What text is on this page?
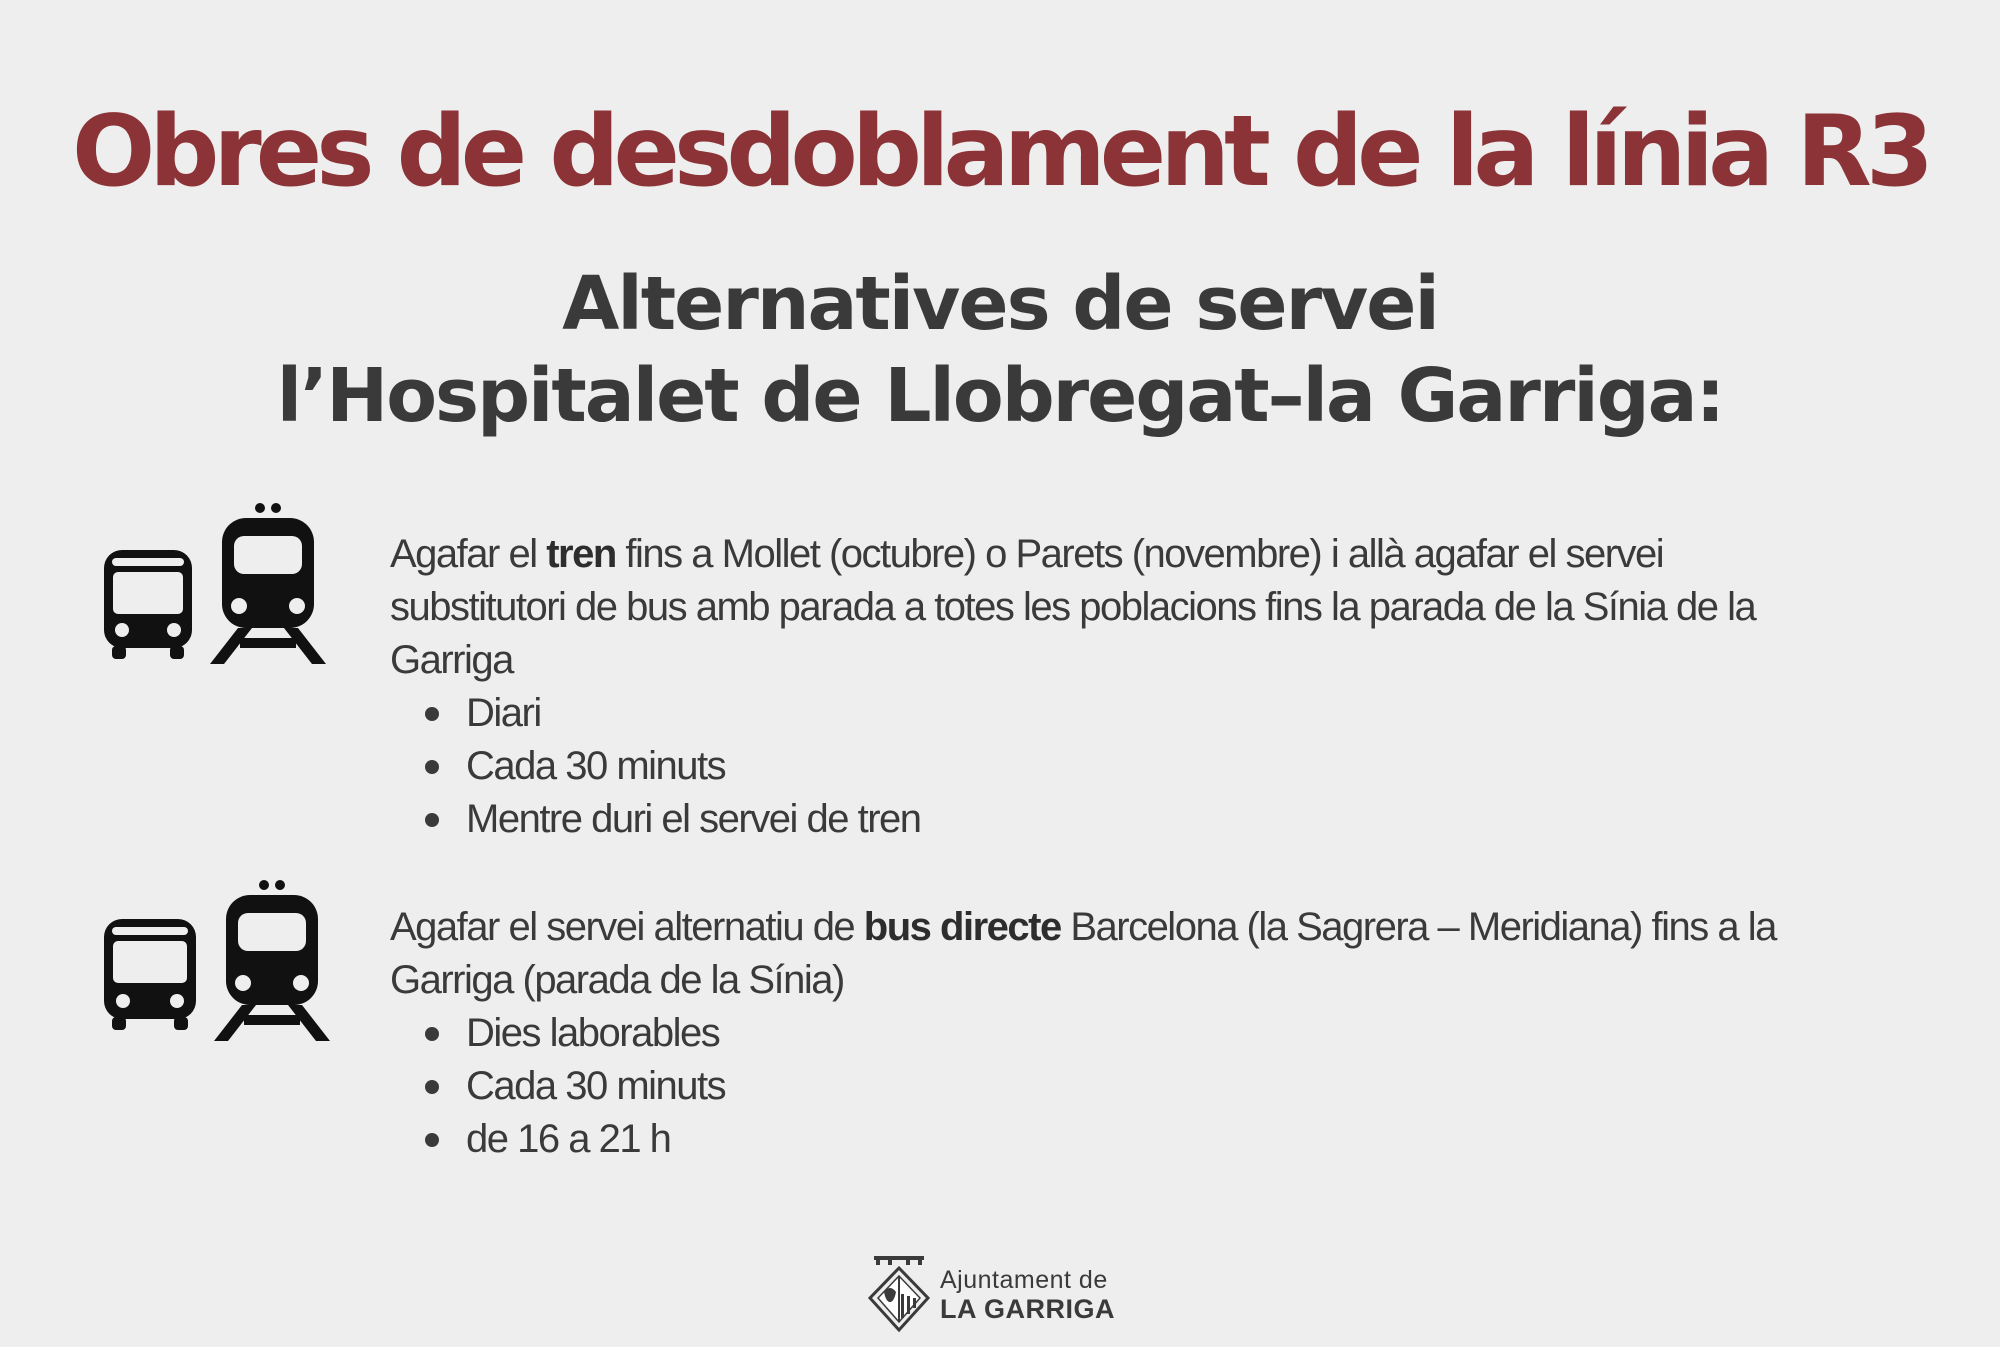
Obres de desdoblament de la línia R3
Alternatives de servei
l’Hospitalet de Llobregat–la Garriga:

Agafar el tren fins a Mollet (octubre) o Parets (novembre) i allà agafar el servei substitutori de bus amb parada a totes les poblacions fins la parada de la Sínia de la Garriga

Diari
Cada 30 minuts
Mentre duri el servei de tren

Agafar el servei alternatiu de bus directe Barcelona (la Sagrera – Meridiana) fins a la Garriga (parada de la Sínia)

Dies laborables
Cada 30 minuts
de 16 a 21 h
Ajuntament de
LA GARRIGA
